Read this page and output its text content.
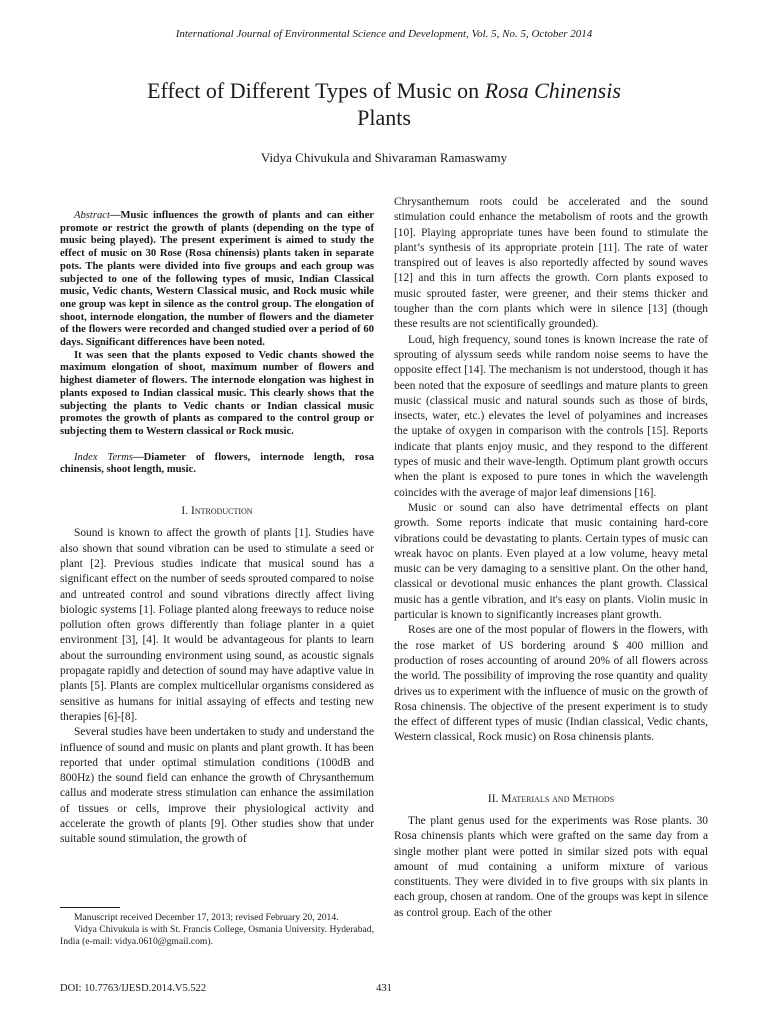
International Journal of Environmental Science and Development, Vol. 5, No. 5, October 2014
Effect of Different Types of Music on Rosa Chinensis
Plants
Vidya Chivukula and Shivaraman Ramaswamy

Abstract—Music influences the growth of plants and can either promote or restrict the growth of plants (depending on the type of music being played). The present experiment is aimed to study the effect of music on 30 Rose (Rosa chinensis) plants taken in separate pots. The plants were divided into five groups and each group was subjected to one of the following types of music, Indian Classical music, Vedic chants, Western Classical music, and Rock music while one group was kept in silence as the control group. The elongation of shoot, internode elongation, the number of flowers and the diameter of the flowers were recorded and changed studied over a period of 60 days. Significant differences have been noted.

It was seen that the plants exposed to Vedic chants showed the maximum elongation of shoot, maximum number of flowers and highest diameter of flowers. The internode elongation was highest in plants exposed to Indian classical music. This clearly shows that the subjecting the plants to Vedic chants or Indian classical music promotes the growth of plants as compared to the control group or subjecting them to Western classical or Rock music.

Index Terms—Diameter of flowers, internode length, rosa chinensis, shoot length, music.

I. Introduction

Sound is known to affect the growth of plants [1]. Studies have also shown that sound vibration can be used to stimulate a seed or plant [2]. Previous studies indicate that musical sound has a significant effect on the number of seeds sprouted compared to noise and untreated control and sound vibrations directly affect living biologic systems [1]. Foliage planted along freeways to reduce noise pollution often grows differently than foliage planter in a quiet environment [3], [4]. It would be advantageous for plants to learn about the surrounding environment using sound, as acoustic signals propagate rapidly and detection of sound may have adaptive value in plants [5]. Plants are complex multicellular organisms considered as sensitive as humans for initial assaying of effects and testing new therapies [6]-[8].

Several studies have been undertaken to study and understand the influence of sound and music on plants and plant growth. It has been reported that under optimal stimulation conditions (100dB and 800Hz) the sound field can enhance the growth of Chrysanthemum callus and moderate stress stimulation can enhance the assimilation of tissues or cells, improve their physiological activity and accelerate the growth of plants [9]. Other studies show that under suitable sound stimulation, the growth of

Chrysanthemum roots could be accelerated and the sound stimulation could enhance the metabolism of roots and the growth [10]. Playing appropriate tunes have been found to stimulate the plant’s synthesis of its appropriate protein [11]. The rate of water transpired out of leaves is also reportedly affected by sound waves [12] and this in turn affects the growth. Corn plants exposed to music sprouted faster, were greener, and their stems thicker and tougher than the corn plants which were in silence [13] (though these results are not scientifically grounded).

Loud, high frequency, sound tones is known increase the rate of sprouting of alyssum seeds while random noise seems to have the opposite effect [14]. The mechanism is not understood, though it has been noted that the exposure of seedlings and mature plants to green music (classical music and natural sounds such as those of birds, insects, water, etc.) elevates the level of polyamines and increases the uptake of oxygen in comparison with the controls [15]. Reports indicate that plants enjoy music, and they respond to the different types of music and their wave-length. Optimum plant growth occurs when the plant is exposed to pure tones in which the wavelength coincides with the average of major leaf dimensions [16].

Music or sound can also have detrimental effects on plant growth. Some reports indicate that music containing hard-core vibrations could be devastating to plants. Certain types of music can wreak havoc on plants. Even played at a low volume, heavy metal music can be very damaging to a sensitive plant. On the other hand, classical or devotional music enhances the plant growth. Classical music has a gentle vibration, and it's easy on plants. Violin music in particular is known to significantly increases plant growth.

Roses are one of the most popular of flowers in the flowers, with the rose market of US bordering around $ 400 million and production of roses accounting of around 20% of all flowers across the world. The possibility of improving the rose quantity and quality drives us to experiment with the influence of music on the growth of Rosa chinensis. The objective of the present experiment is to study the effect of different types of music (Indian classical, Vedic chants, Western classical, Rock music) on Rosa chinensis plants.

II. Materials and Methods

The plant genus used for the experiments was Rose plants. 30 Rosa chinensis plants which were grafted on the same day from a single mother plant were potted in similar sized pots with equal amount of mud containing a uniform mixture of various constituents. They were divided in to five groups with six plants in each group, chosen at random. One of the groups was kept in silence as control group. Each of the other

Manuscript received December 17, 2013; revised February 20, 2014.

Vidya Chivukula is with St. Francis College, Osmania University. Hyderabad, India (e-mail: vidya.0610@gmail.com).

DOI: 10.7763/IJESD.2014.V5.522	431
